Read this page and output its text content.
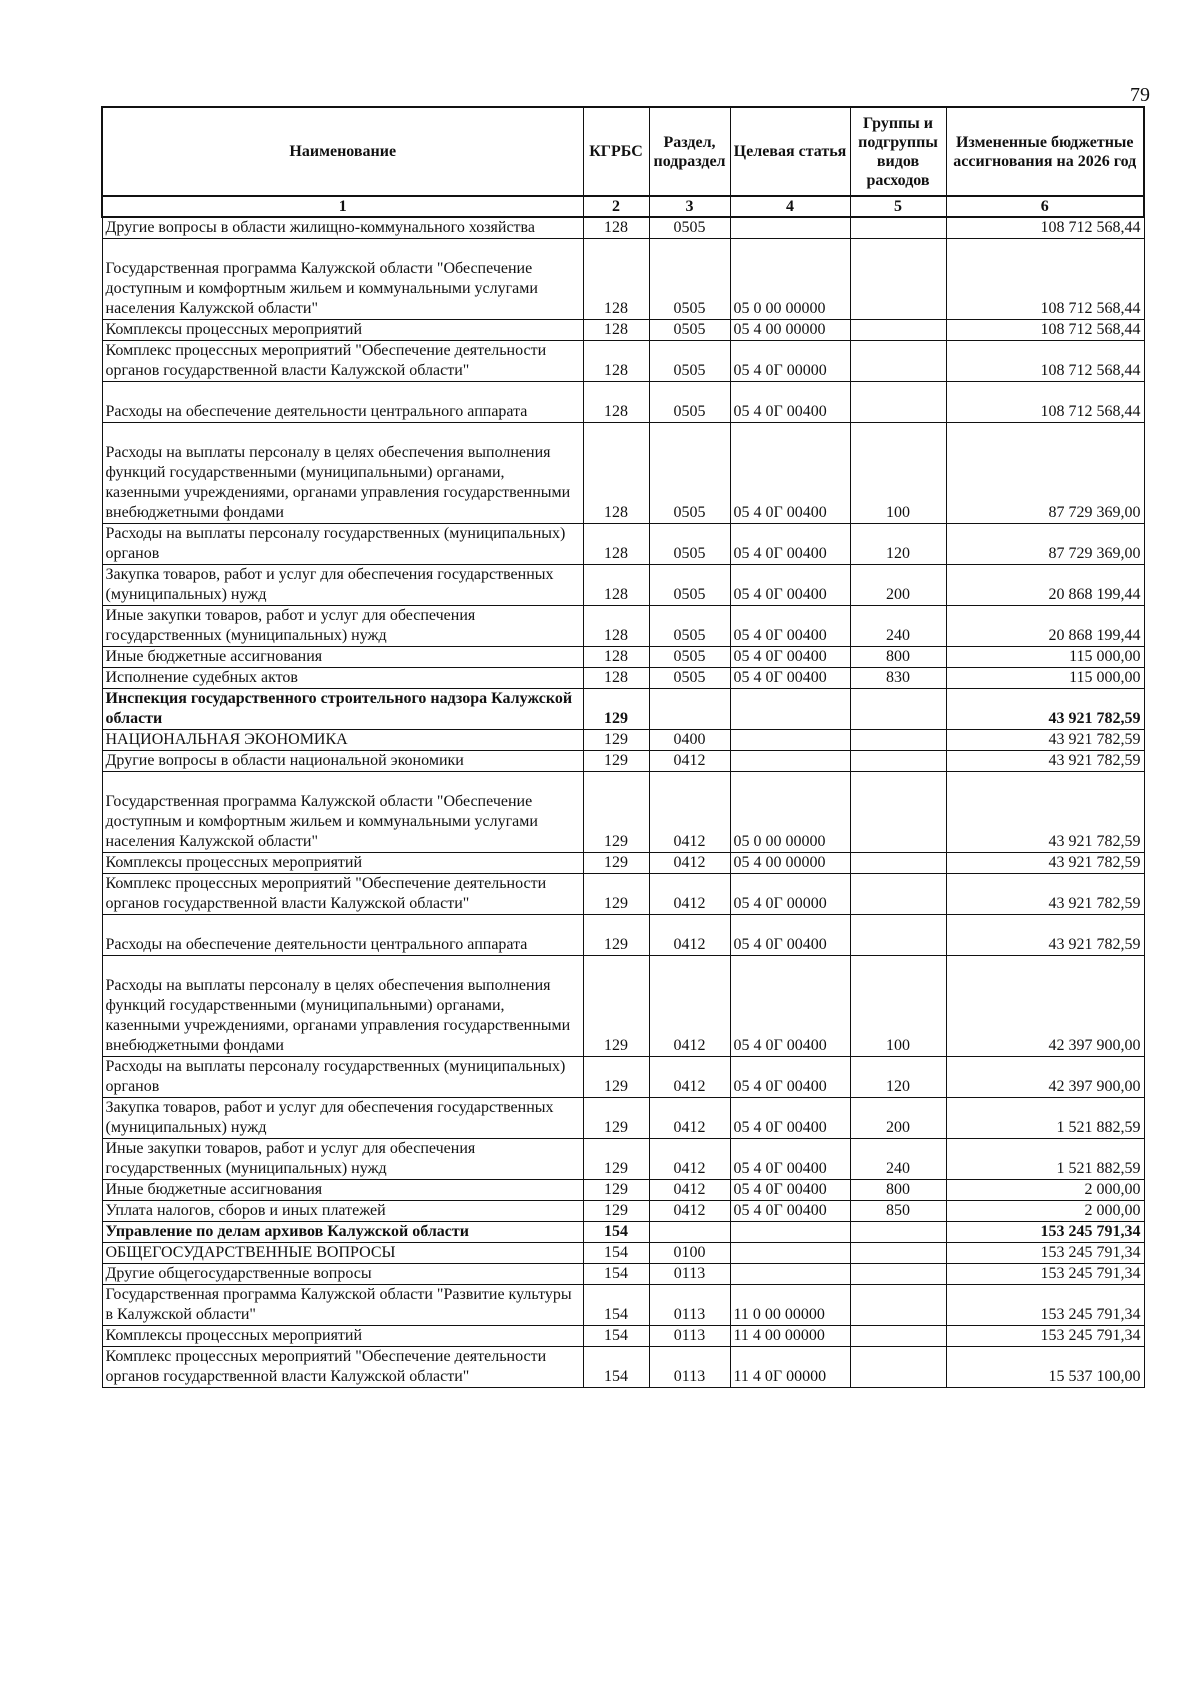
79
Наименование	КГРБС	Раздел, подраздел	Целевая статья	Группы и подгруппы видов расходов	Измененные бюджетные ассигнования на 2026 год
1	2	3	4	5	6
Другие вопросы в области жилищно-коммунального хозяйства	128	0505			108 712 568,44
Государственная программа Калужской области "Обеспечение доступным и комфортным жильем и коммунальными услугами населения Калужской области"	128	0505	05 0 00 00000		108 712 568,44
Комплексы процессных мероприятий	128	0505	05 4 00 00000		108 712 568,44
Комплекс процессных мероприятий "Обеспечение деятельности органов государственной власти Калужской области"	128	0505	05 4 0Г 00000		108 712 568,44
Расходы на обеспечение деятельности центрального аппарата	128	0505	05 4 0Г 00400		108 712 568,44
Расходы на выплаты персоналу в целях обеспечения выполнения функций государственными (муниципальными) органами, казенными учреждениями, органами управления государственными внебюджетными фондами	128	0505	05 4 0Г 00400	100	87 729 369,00
Расходы на выплаты персоналу государственных (муниципальных) органов	128	0505	05 4 0Г 00400	120	87 729 369,00
Закупка товаров, работ и услуг для обеспечения государственных (муниципальных) нужд	128	0505	05 4 0Г 00400	200	20 868 199,44
Иные закупки товаров, работ и услуг для обеспечения государственных (муниципальных) нужд	128	0505	05 4 0Г 00400	240	20 868 199,44
Иные бюджетные ассигнования	128	0505	05 4 0Г 00400	800	115 000,00
Исполнение судебных актов	128	0505	05 4 0Г 00400	830	115 000,00
Инспекция государственного строительного надзора Калужской области	129				43 921 782,59
НАЦИОНАЛЬНАЯ ЭКОНОМИКА	129	0400			43 921 782,59
Другие вопросы в области национальной экономики	129	0412			43 921 782,59
Государственная программа Калужской области "Обеспечение доступным и комфортным жильем и коммунальными услугами населения Калужской области"	129	0412	05 0 00 00000		43 921 782,59
Комплексы процессных мероприятий	129	0412	05 4 00 00000		43 921 782,59
Комплекс процессных мероприятий "Обеспечение деятельности органов государственной власти Калужской области"	129	0412	05 4 0Г 00000		43 921 782,59
Расходы на обеспечение деятельности центрального аппарата	129	0412	05 4 0Г 00400		43 921 782,59
Расходы на выплаты персоналу в целях обеспечения выполнения функций государственными (муниципальными) органами, казенными учреждениями, органами управления государственными внебюджетными фондами	129	0412	05 4 0Г 00400	100	42 397 900,00
Расходы на выплаты персоналу государственных (муниципальных) органов	129	0412	05 4 0Г 00400	120	42 397 900,00
Закупка товаров, работ и услуг для обеспечения государственных (муниципальных) нужд	129	0412	05 4 0Г 00400	200	1 521 882,59
Иные закупки товаров, работ и услуг для обеспечения государственных (муниципальных) нужд	129	0412	05 4 0Г 00400	240	1 521 882,59
Иные бюджетные ассигнования	129	0412	05 4 0Г 00400	800	2 000,00
Уплата налогов, сборов и иных платежей	129	0412	05 4 0Г 00400	850	2 000,00
Управление по делам архивов Калужской области	154				153 245 791,34
ОБЩЕГОСУДАРСТВЕННЫЕ ВОПРОСЫ	154	0100			153 245 791,34
Другие общегосударственные вопросы	154	0113			153 245 791,34
Государственная программа Калужской области "Развитие культуры в Калужской области"	154	0113	11 0 00 00000		153 245 791,34
Комплексы процессных мероприятий	154	0113	11 4 00 00000		153 245 791,34
Комплекс процессных мероприятий "Обеспечение деятельности органов государственной власти Калужской области"	154	0113	11 4 0Г 00000		15 537 100,00
